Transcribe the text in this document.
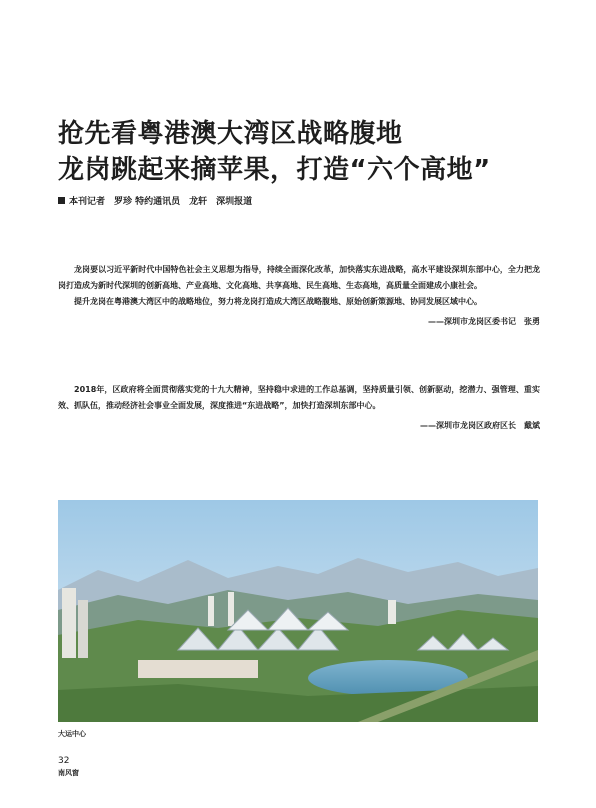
抢先看粤港澳大湾区战略腹地
龙岗跳起来摘苹果，打造“六个高地”
本刊记者　罗珍 特约通讯员　龙轩　深圳报道

龙岗要以习近平新时代中国特色社会主义思想为指导，持续全面深化改革，加快落实东进战略，高水平建设深圳东部中心，全力把龙岗打造成为新时代深圳的创新高地、产业高地、文化高地、共享高地、民生高地、生态高地，高质量全面建成小康社会。

提升龙岗在粤港澳大湾区中的战略地位，努力将龙岗打造成大湾区战略腹地、原始创新策源地、协同发展区域中心。

——深圳市龙岗区委书记　张勇

2018年，区政府将全面贯彻落实党的十九大精神，坚持稳中求进的工作总基调，坚持质量引领、创新驱动，挖潜力、强管理、重实效、抓队伍，推动经济社会事业全面发展，深度推进“东进战略”，加快打造深圳东部中心。

——深圳市龙岗区政府区长　戴斌

大运中心
32
南风窗
